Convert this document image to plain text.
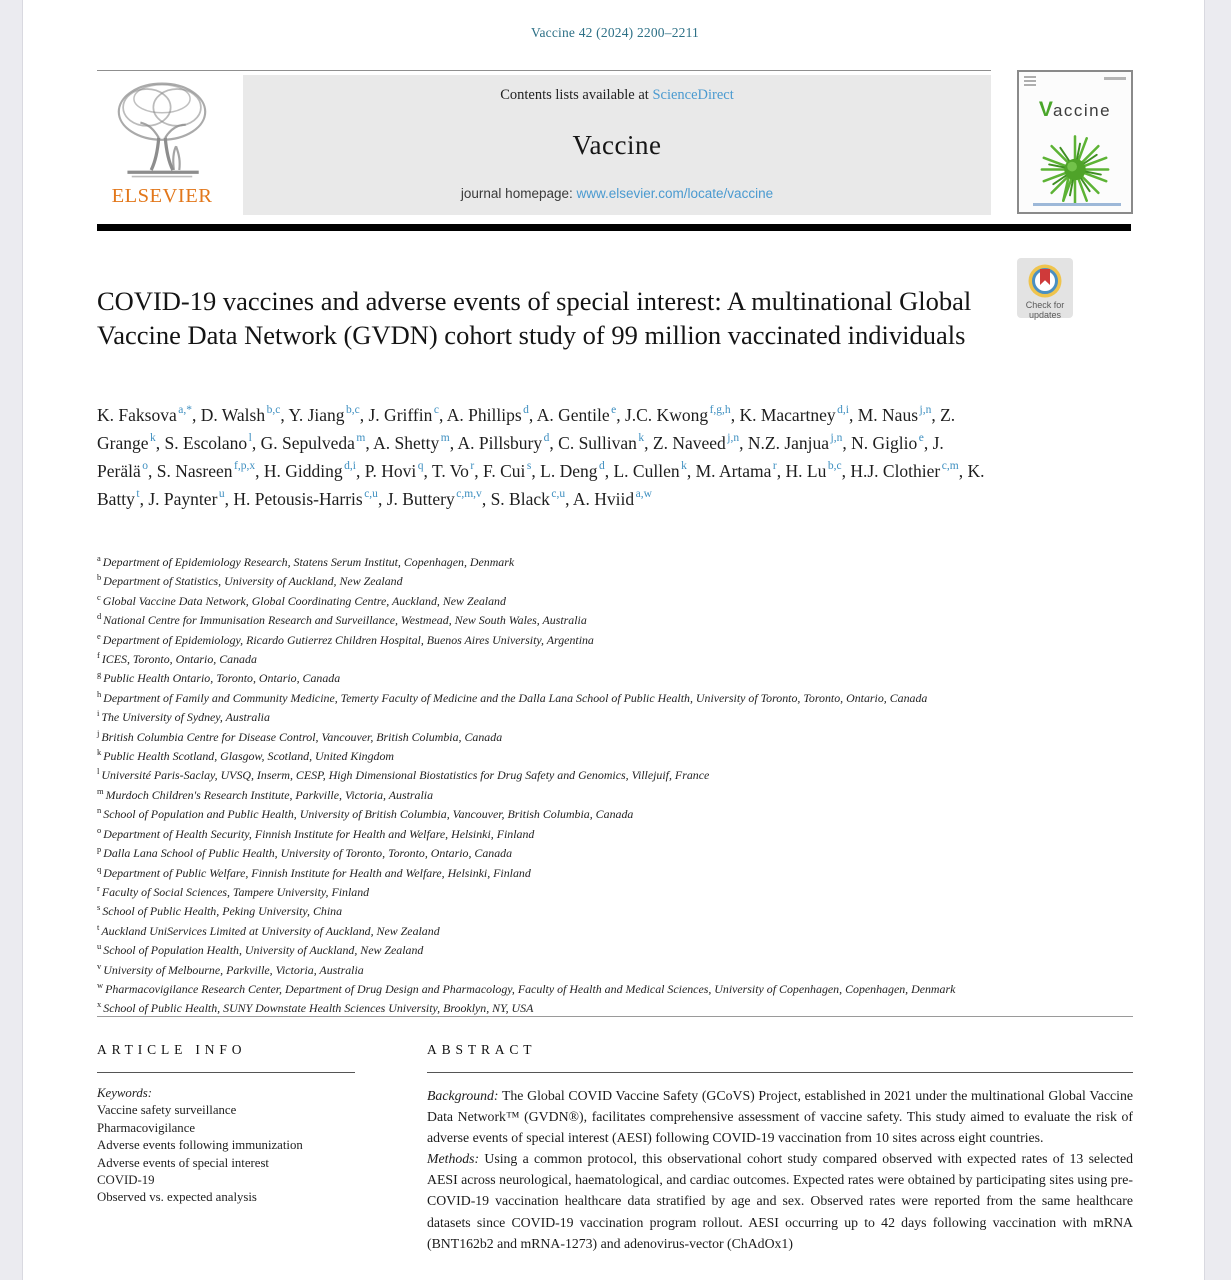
Vaccine 42 (2024) 2200–2211
ELSEVIER
Contents lists available at ScienceDirect
Vaccine
journal homepage: www.elsevier.com/locate/vaccine
Vaccine
Check for
updates
COVID-19 vaccines and adverse events of special interest: A multinational Global Vaccine Data Network (GVDN) cohort study of 99 million vaccinated individuals
K. Faksova $^{a,*}$, D. Walsh $^{b,c}$, Y. Jiang $^{b,c}$, J. Griffin $^c$, A. Phillips $^d$, A. Gentile $^e$, J.C. Kwong $^{f,g,h}$, K. Macartney $^{d,i}$, M. Naus $^{j,n}$, Z. Grange $^k$, S. Escolano $^l$, G. Sepulveda $^m$, A. Shetty $^m$, A. Pillsbury $^d$, C. Sullivan $^k$, Z. Naveed $^{j,n}$, N.Z. Janjua $^{j,n}$, N. Giglio $^e$, J. Perälä $^o$, S. Nasreen $^{f,p,x}$, H. Gidding $^{d,i}$, P. Hovi $^q$, T. Vo $^r$, F. Cui $^s$, L. Deng $^d$, L. Cullen $^k$, M. Artama $^r$, H. Lu $^{b,c}$, H.J. Clothier $^{c,m}$, K. Batty $^t$, J. Paynter $^u$, H. Petousis-Harris $^{c,u}$, J. Buttery $^{c,m,v}$, S. Black $^{c,u}$, A. Hviid $^{a,w}$
$^a$ Department of Epidemiology Research, Statens Serum Institut, Copenhagen, Denmark
$^b$ Department of Statistics, University of Auckland, New Zealand
$^c$ Global Vaccine Data Network, Global Coordinating Centre, Auckland, New Zealand
$^d$ National Centre for Immunisation Research and Surveillance, Westmead, New South Wales, Australia
$^e$ Department of Epidemiology, Ricardo Gutierrez Children Hospital, Buenos Aires University, Argentina
$^f$ ICES, Toronto, Ontario, Canada
$^g$ Public Health Ontario, Toronto, Ontario, Canada
$^h$ Department of Family and Community Medicine, Temerty Faculty of Medicine and the Dalla Lana School of Public Health, University of Toronto, Toronto, Ontario, Canada
$^i$ The University of Sydney, Australia
$^j$ British Columbia Centre for Disease Control, Vancouver, British Columbia, Canada
$^k$ Public Health Scotland, Glasgow, Scotland, United Kingdom
$^l$ Université Paris-Saclay, UVSQ, Inserm, CESP, High Dimensional Biostatistics for Drug Safety and Genomics, Villejuif, France
$^m$ Murdoch Children's Research Institute, Parkville, Victoria, Australia
$^n$ School of Population and Public Health, University of British Columbia, Vancouver, British Columbia, Canada
$^o$ Department of Health Security, Finnish Institute for Health and Welfare, Helsinki, Finland
$^p$ Dalla Lana School of Public Health, University of Toronto, Toronto, Ontario, Canada
$^q$ Department of Public Welfare, Finnish Institute for Health and Welfare, Helsinki, Finland
$^r$ Faculty of Social Sciences, Tampere University, Finland
$^s$ School of Public Health, Peking University, China
$^t$ Auckland UniServices Limited at University of Auckland, New Zealand
$^u$ School of Population Health, University of Auckland, New Zealand
$^v$ University of Melbourne, Parkville, Victoria, Australia
$^w$ Pharmacovigilance Research Center, Department of Drug Design and Pharmacology, Faculty of Health and Medical Sciences, University of Copenhagen, Copenhagen, Denmark
$^x$ School of Public Health, SUNY Downstate Health Sciences University, Brooklyn, NY, USA
ARTICLE INFO
Keywords:
Vaccine safety surveillance
Pharmacovigilance
Adverse events following immunization
Adverse events of special interest
COVID-19
Observed vs. expected analysis
ABSTRACT

Background: The Global COVID Vaccine Safety (GCoVS) Project, established in 2021 under the multinational Global Vaccine Data Network™ (GVDN®), facilitates comprehensive assessment of vaccine safety. This study aimed to evaluate the risk of adverse events of special interest (AESI) following COVID-19 vaccination from 10 sites across eight countries.

Methods: Using a common protocol, this observational cohort study compared observed with expected rates of 13 selected AESI across neurological, haematological, and cardiac outcomes. Expected rates were obtained by participating sites using pre-COVID-19 vaccination healthcare data stratified by age and sex. Observed rates were reported from the same healthcare datasets since COVID-19 vaccination program rollout. AESI occurring up to 42 days following vaccination with mRNA (BNT162b2 and mRNA-1273) and adenovirus-vector (ChAdOx1)
